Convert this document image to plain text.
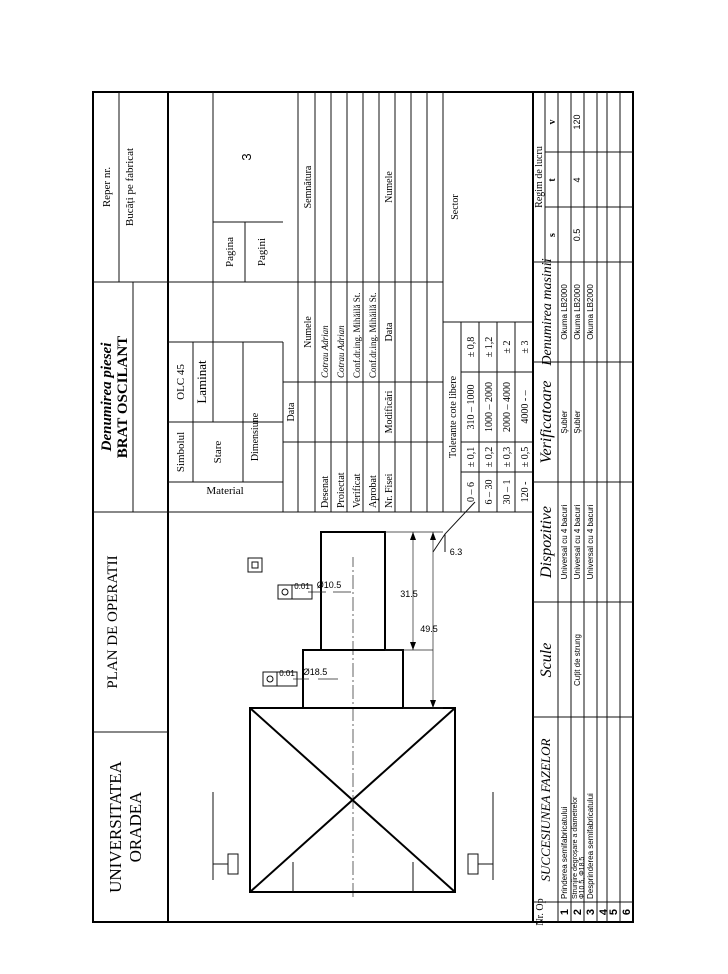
UNIVERSITATEA ORADEA
PLAN DE OPERATII
Denumirea piesei BRAT OSCILANT
Reper nr. Bucăți pe fabricat
Material
Simbolul
OLC 45
Stare
Laminat
Dimensiune
Pagina Pagini
3
Data
Numele
Semnătura
Desenat Proiectat Verificat Aprobat
Cotrau Adrian Cotrau Adrian Conf.dr.ing. Mihăilă St. Conf.dr.ing. Mihăilă St.
Nr. Fisei
Modificări
Data
Numele
Tolerante cote libere
0 – 6
± 0,1
310 – 1000
± 0,8
6 – 30
± 0,2
1000 – 2000
± 1,2
30 – 1
± 0,3
2000 – 4000
± 2
120 -
± 0,5
4000 - –
± 3
Sector
Ø18.5
Ø10.5
0.01
0.01
31.5
49.5
6.3
Nr. Op
SUCCESIUNEA FAZELOR
Scule
Dispozitive
Verificatoare
Denumirea masinii
Regim de lucru
s
t
v
1
Prinderea semifabricatului
Universal cu 4 bacuri
Şubler
Okuma LB2000
2
Strunjire degroșare a diametrelor Φ10.5, Φ18.5
Cuțit de strung
Universal cu 4 bacuri
Şubler
Okuma LB2000
0.5
4
120
3
Desprinderea semifabricatului
Universal cu 4 bacuri
Okuma LB2000
4
5 6
